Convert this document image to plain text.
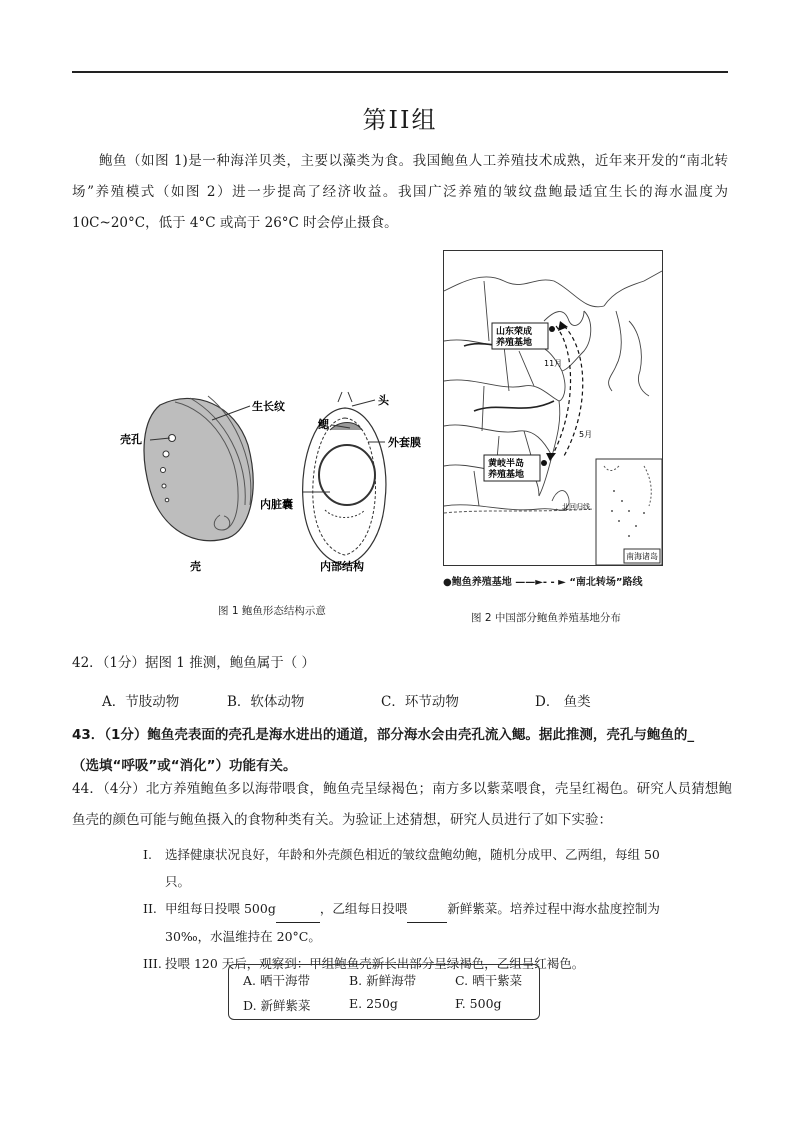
第II组
鲍鱼（如图 1)是一种海洋贝类，主要以藻类为食。我国鲍鱼人工养殖技术成熟，近年来开发的“南北转场”养殖模式（如图 2）进一步提高了经济收益。我国广泛养殖的皱纹盘鲍最适宜生长的海水温度为 10C~20°C，低于 4°C 或高于 26°C 时会停止摄食。
生长纹
壳孔
鳃
头
外套膜
内脏囊
壳	内部结构
图 1 鲍鱼形态结构示意
北回归线
11月
5月
山东荣成
养殖基地
黄岐半岛
养殖基地
南海诸岛
●鲍鱼养殖基地 ——►- - ► “南北转场”路线
图 2 中国部分鲍鱼养殖基地分布
42．（1分）据图 1 推测，鲍鱼属于（ ）
A．节肢动物	B．软体动物	C．环节动物	D． 鱼类
43．（1分）鲍鱼壳表面的壳孔是海水进出的通道，部分海水会由壳孔流入鳃。据此推测，壳孔与鲍鱼的_
（选填“呼吸”或“消化”）功能有关。
44．（4分）北方养殖鲍鱼多以海带喂食，鲍鱼壳呈绿褐色；南方多以紫菜喂食，壳呈红褐色。研究人员猜想鲍鱼壳的颜色可能与鲍鱼摄入的食物种类有关。为验证上述猜想，研究人员进行了如下实验：
I. 选择健康状况良好，年龄和外壳颜色相近的皱纹盘鲍幼鲍，随机分成甲、乙两组，每组 50 只。
II. 甲组每日投喂 500g	，乙组每日投喂	新鲜紫菜。培养过程中海水盐度控制为 30‰，水温维持在 20°C。
III. 投喂 120 天后，观察到：甲组鲍鱼壳新长出部分呈绿褐色，乙组呈红褐色。
A. 晒干海带	B. 新鲜海带	C. 晒干紫菜
D. 新鲜紫菜	E. 250g	F. 500g
